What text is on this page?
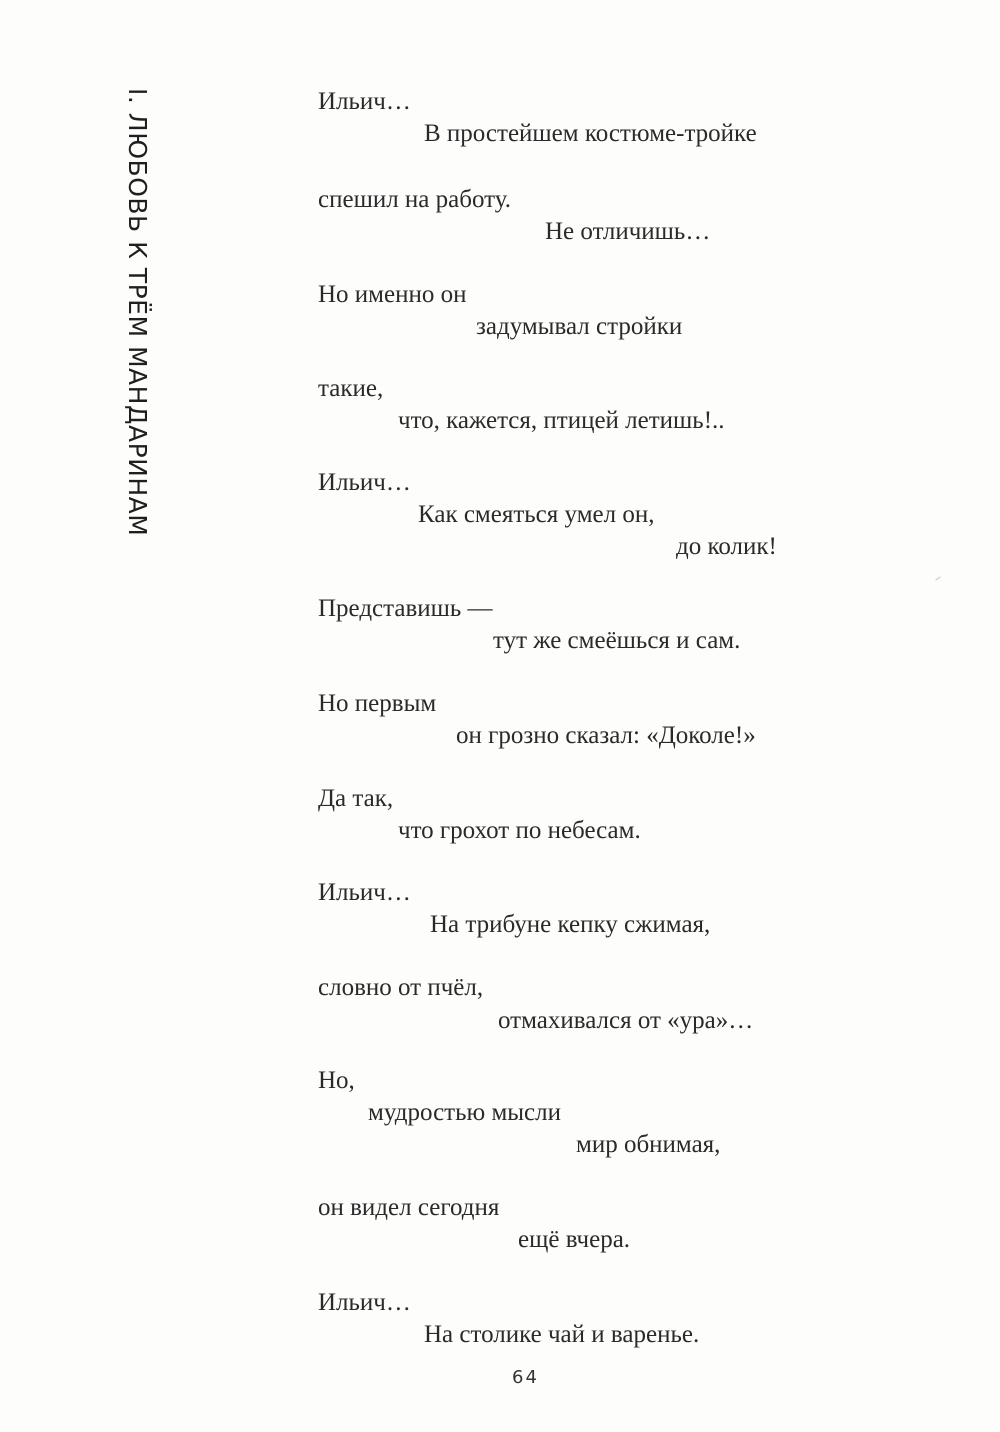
I. ЛЮБОВЬ К ТРЁМ МАНДАРИНАМ	Ильич…
В простейшем костюме-тройке
спешил на работу.
Не отличишь…
Но именно он
задумывал стройки
такие,
что, кажется, птицей летишь!..
Ильич…
Как смеяться умел он,
до колик!
Представишь —
тут же смеёшься и сам.
Но первым
он грозно сказал: «Доколе!»
Да так,
что грохот по небесам.
Ильич…
На трибуне кепку сжимая,
словно от пчёл,
отмахивался от «ура»…
Но,
мудростью мысли
мир обнимая,
он видел сегодня
ещё вчера.
Ильич…
На столике чай и варенье.
64
